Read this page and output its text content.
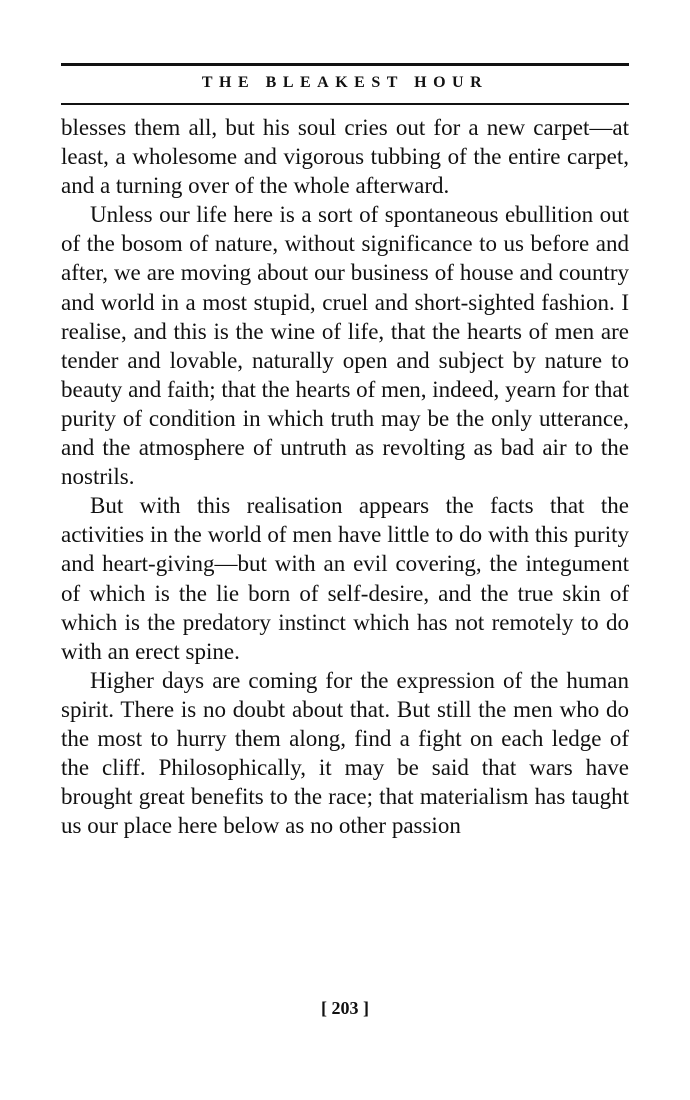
THE BLEAKEST HOUR

blesses them all, but his soul cries out for a new carpet—at least, a wholesome and vigorous tubbing of the entire carpet, and a turning over of the whole afterward.

Unless our life here is a sort of spontaneous ebullition out of the bosom of nature, without significance to us before and after, we are moving about our business of house and country and world in a most stupid, cruel and short-sighted fashion. I realise, and this is the wine of life, that the hearts of men are tender and lovable, naturally open and subject by nature to beauty and faith; that the hearts of men, indeed, yearn for that purity of condition in which truth may be the only utterance, and the atmosphere of untruth as revolting as bad air to the nostrils.

But with this realisation appears the facts that the activities in the world of men have little to do with this purity and heart-giving—but with an evil covering, the integument of which is the lie born of self-desire, and the true skin of which is the predatory instinct which has not remotely to do with an erect spine.

Higher days are coming for the expression of the human spirit. There is no doubt about that. But still the men who do the most to hurry them along, find a fight on each ledge of the cliff. Philosophically, it may be said that wars have brought great benefits to the race; that materialism has taught us our place here below as no other passion

[ 203 ]
